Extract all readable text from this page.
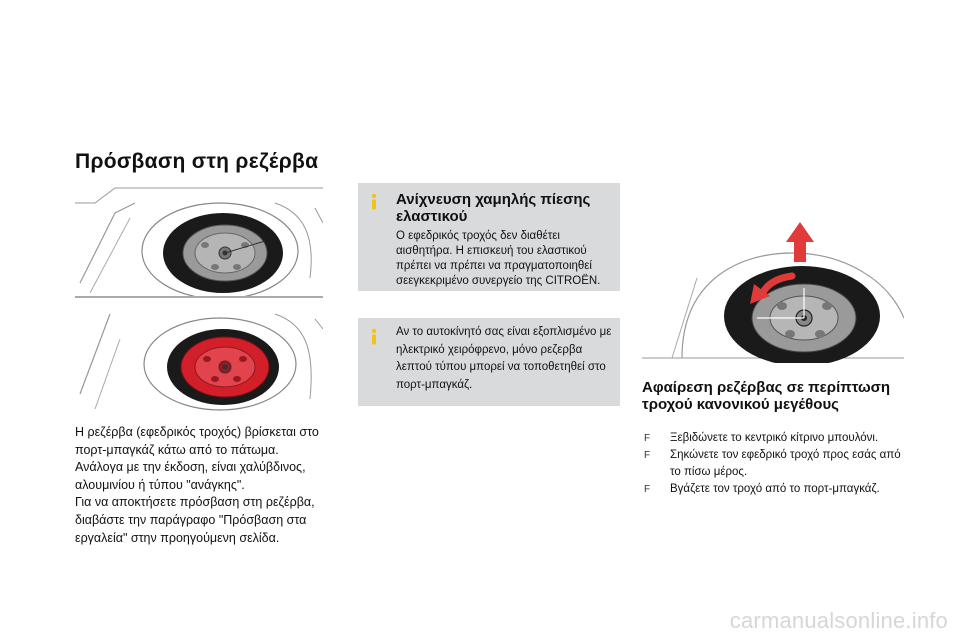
Πρόσβαση στη ρεζέρβα

Η ρεζέρβα (εφεδρικός τροχός) βρίσκεται στο πορτ-μπαγκάζ κάτω από το πάτωμα.

Ανάλογα με την έκδοση, είναι χαλύβδινος, αλουμινίου ή τύπου "ανάγκης".

Για να αποκτήσετε πρόσβαση στη ρεζέρβα, διαβάστε την παράγραφο "Πρόσβαση στα εργαλεία" στην προηγούμενη σελίδα.

Ανίχνευση χαμηλής πίεσης ελαστικού
Ο εφεδρικός τροχός δεν διαθέτει αισθητήρα. Η επισκευή του ελαστικού πρέπει να πρέπει να πραγματοποιηθεί σεεγκεκριμένο συνεργείο της CITROËN.
Αν το αυτοκίνητό σας είναι εξοπλισμένο με ηλεκτρικό χειρόφρενο, μόνο ρεζερβα λεπτού τύπου μπορεί να τοποθετηθεί στο πορτ-μπαγκάζ.	Αφαίρεση ρεζέρβας σε περίπτωση τροχού κανονικού μεγέθους
F Ξεβιδώνετε το κεντρικό κίτρινο μπουλόνι.
F Σηκώνετε τον εφεδρικό τροχό προς εσάς από το πίσω μέρος.
F Βγάζετε τον τροχό από το πορτ-μπαγκάζ.
carmanualsonline.info
